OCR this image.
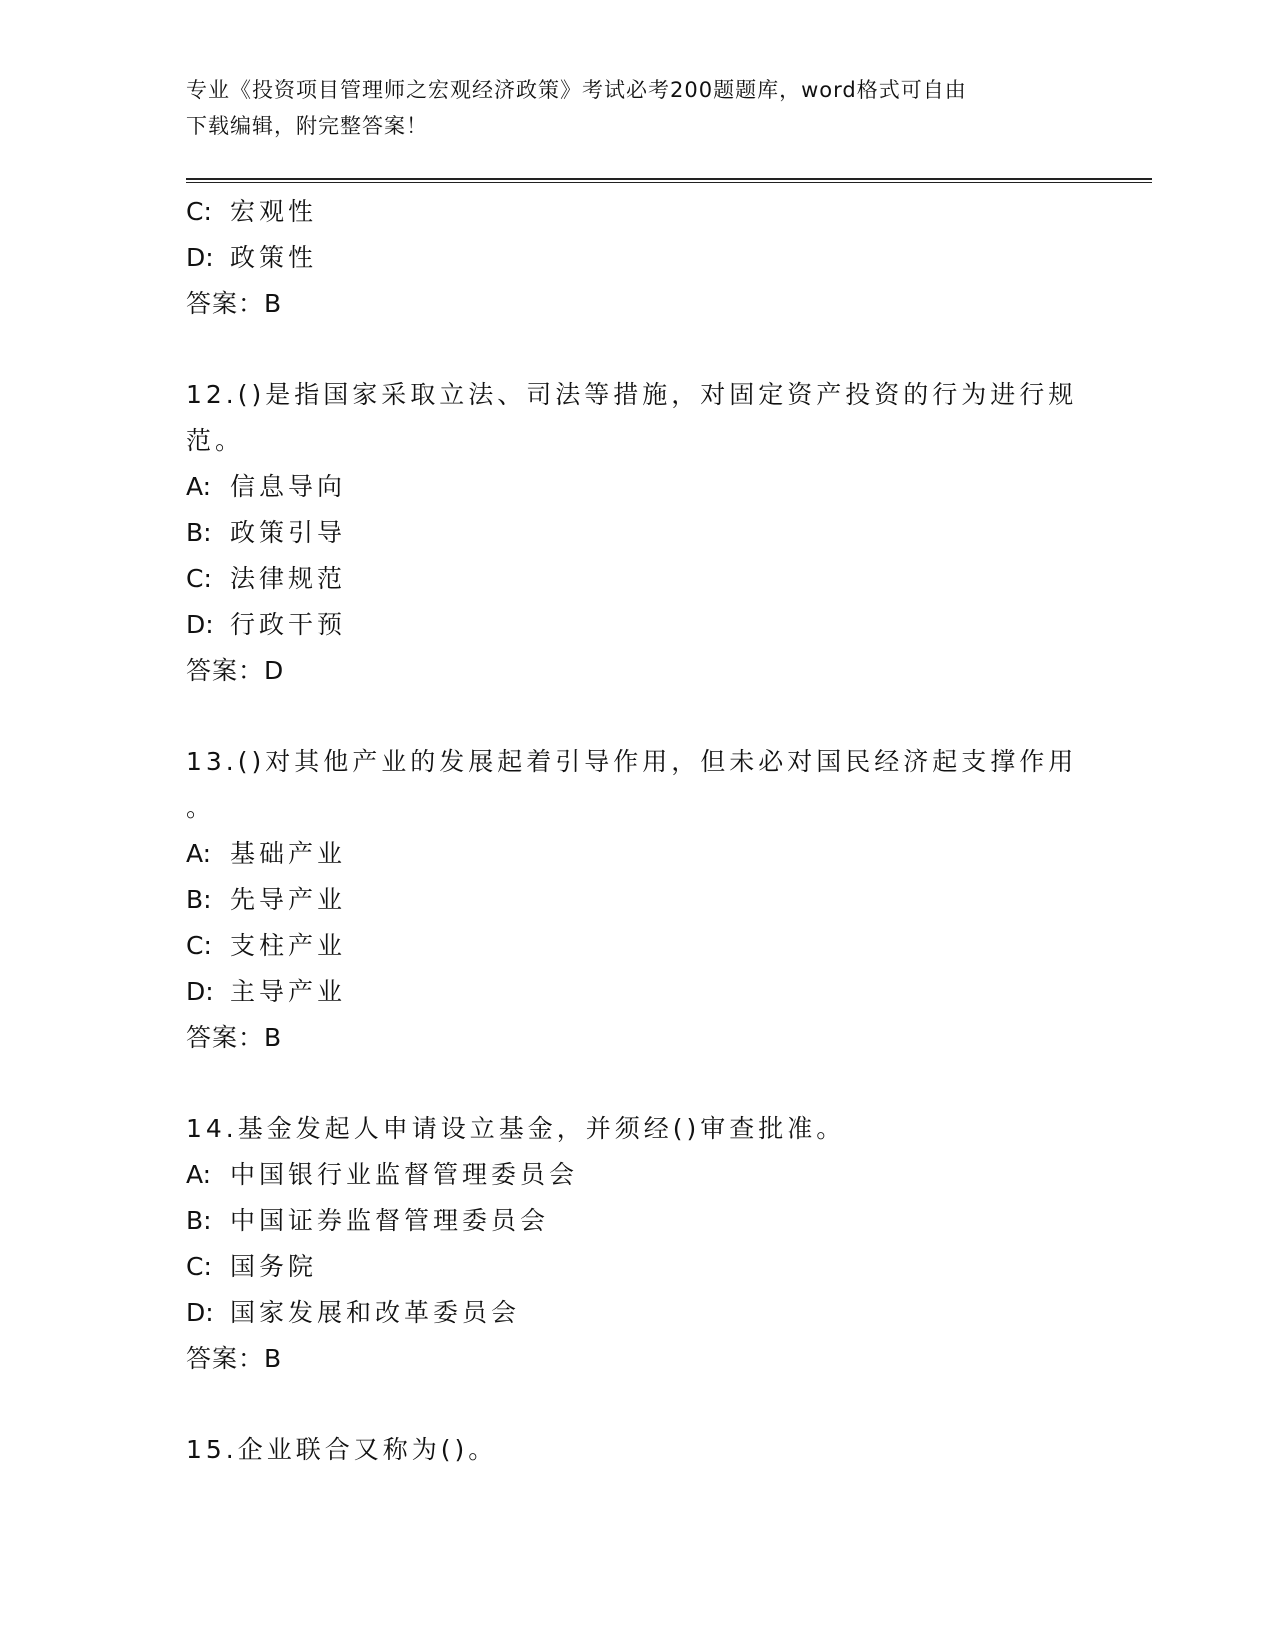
专业《投资项目管理师之宏观经济政策》考试必考200题题库，word格式可自由
下载编辑，附完整答案！
C: 宏观性
D: 政策性
答案：B
12.()是指国家采取立法、司法等措施，对固定资产投资的行为进行规
范。
A: 信息导向
B: 政策引导
C: 法律规范
D: 行政干预
答案：D
13.()对其他产业的发展起着引导作用，但未必对国民经济起支撑作用
。
A: 基础产业
B: 先导产业
C: 支柱产业
D: 主导产业
答案：B
14.基金发起人申请设立基金，并须经()审查批准。
A: 中国银行业监督管理委员会
B: 中国证券监督管理委员会
C: 国务院
D: 国家发展和改革委员会
答案：B
15.企业联合又称为()。
